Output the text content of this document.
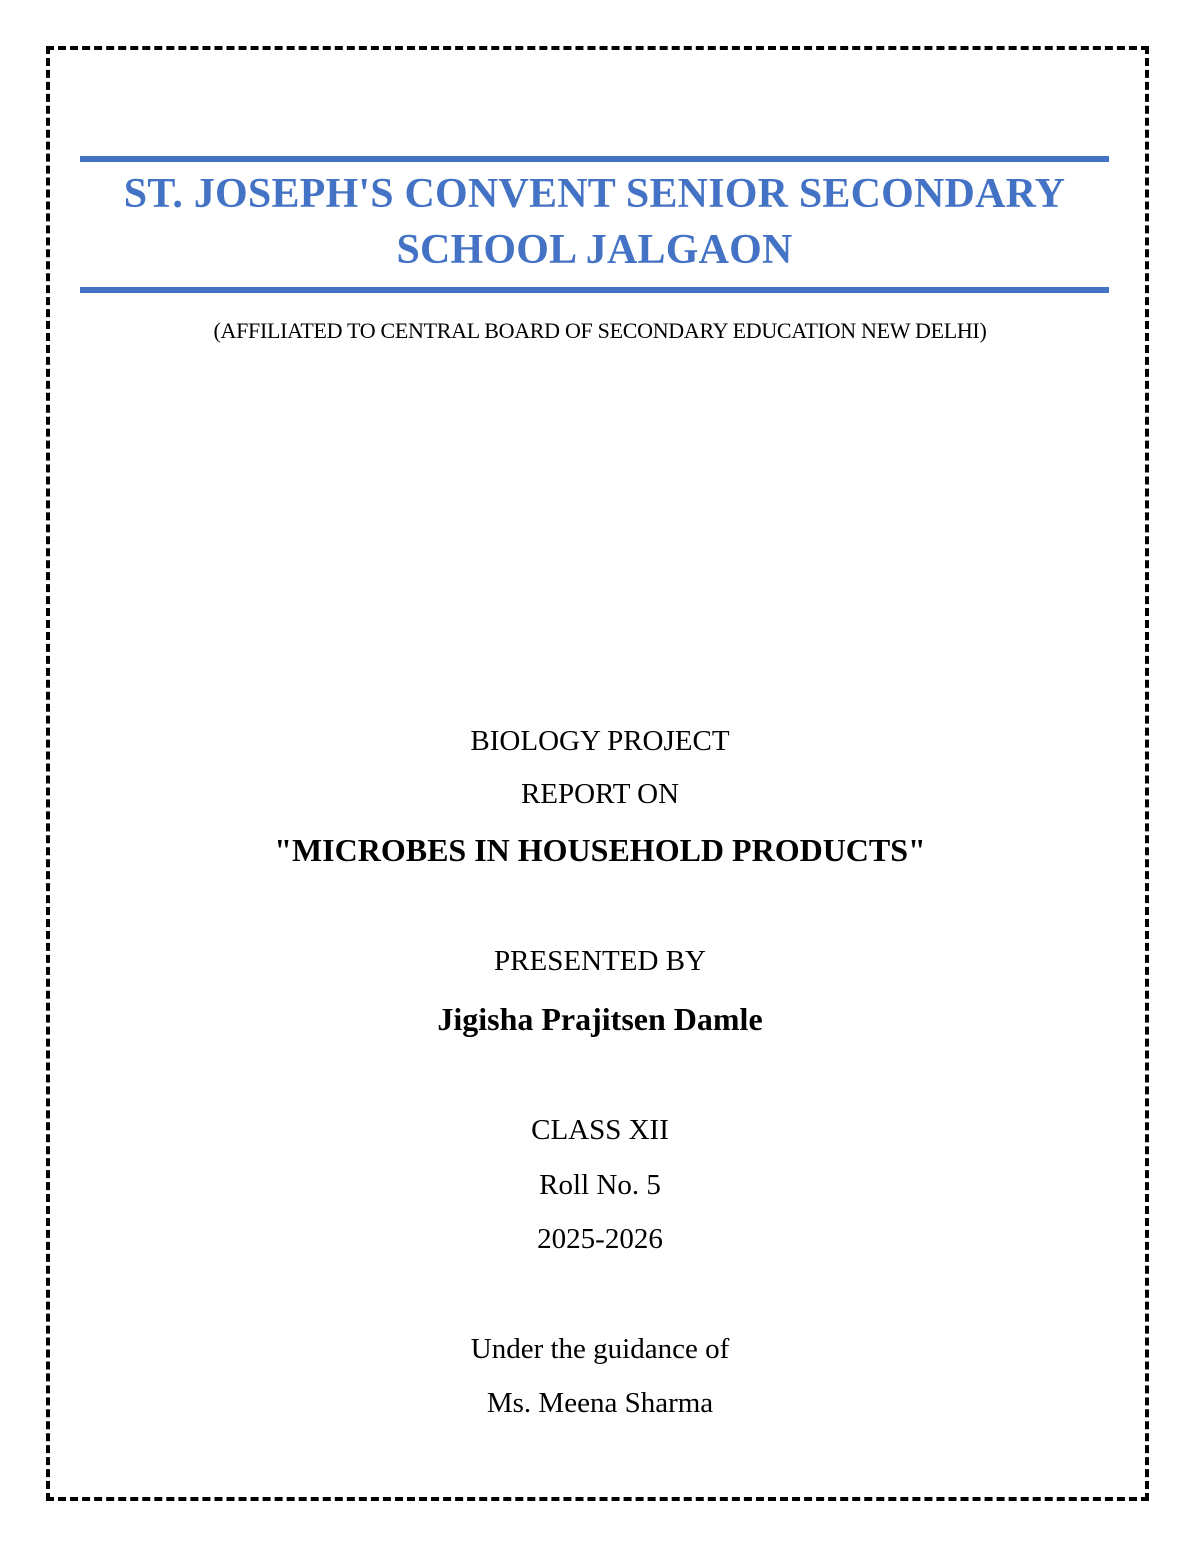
ST. JOSEPH'S CONVENT SENIOR SECONDARY
SCHOOL JALGAON
(AFFILIATED TO CENTRAL BOARD OF SECONDARY EDUCATION NEW DELHI)
BIOLOGY PROJECT
REPORT ON
"MICROBES IN HOUSEHOLD PRODUCTS"
PRESENTED BY
Jigisha Prajitsen Damle
CLASS XII
Roll No. 5
2025-2026
Under the guidance of
Ms. Meena Sharma
